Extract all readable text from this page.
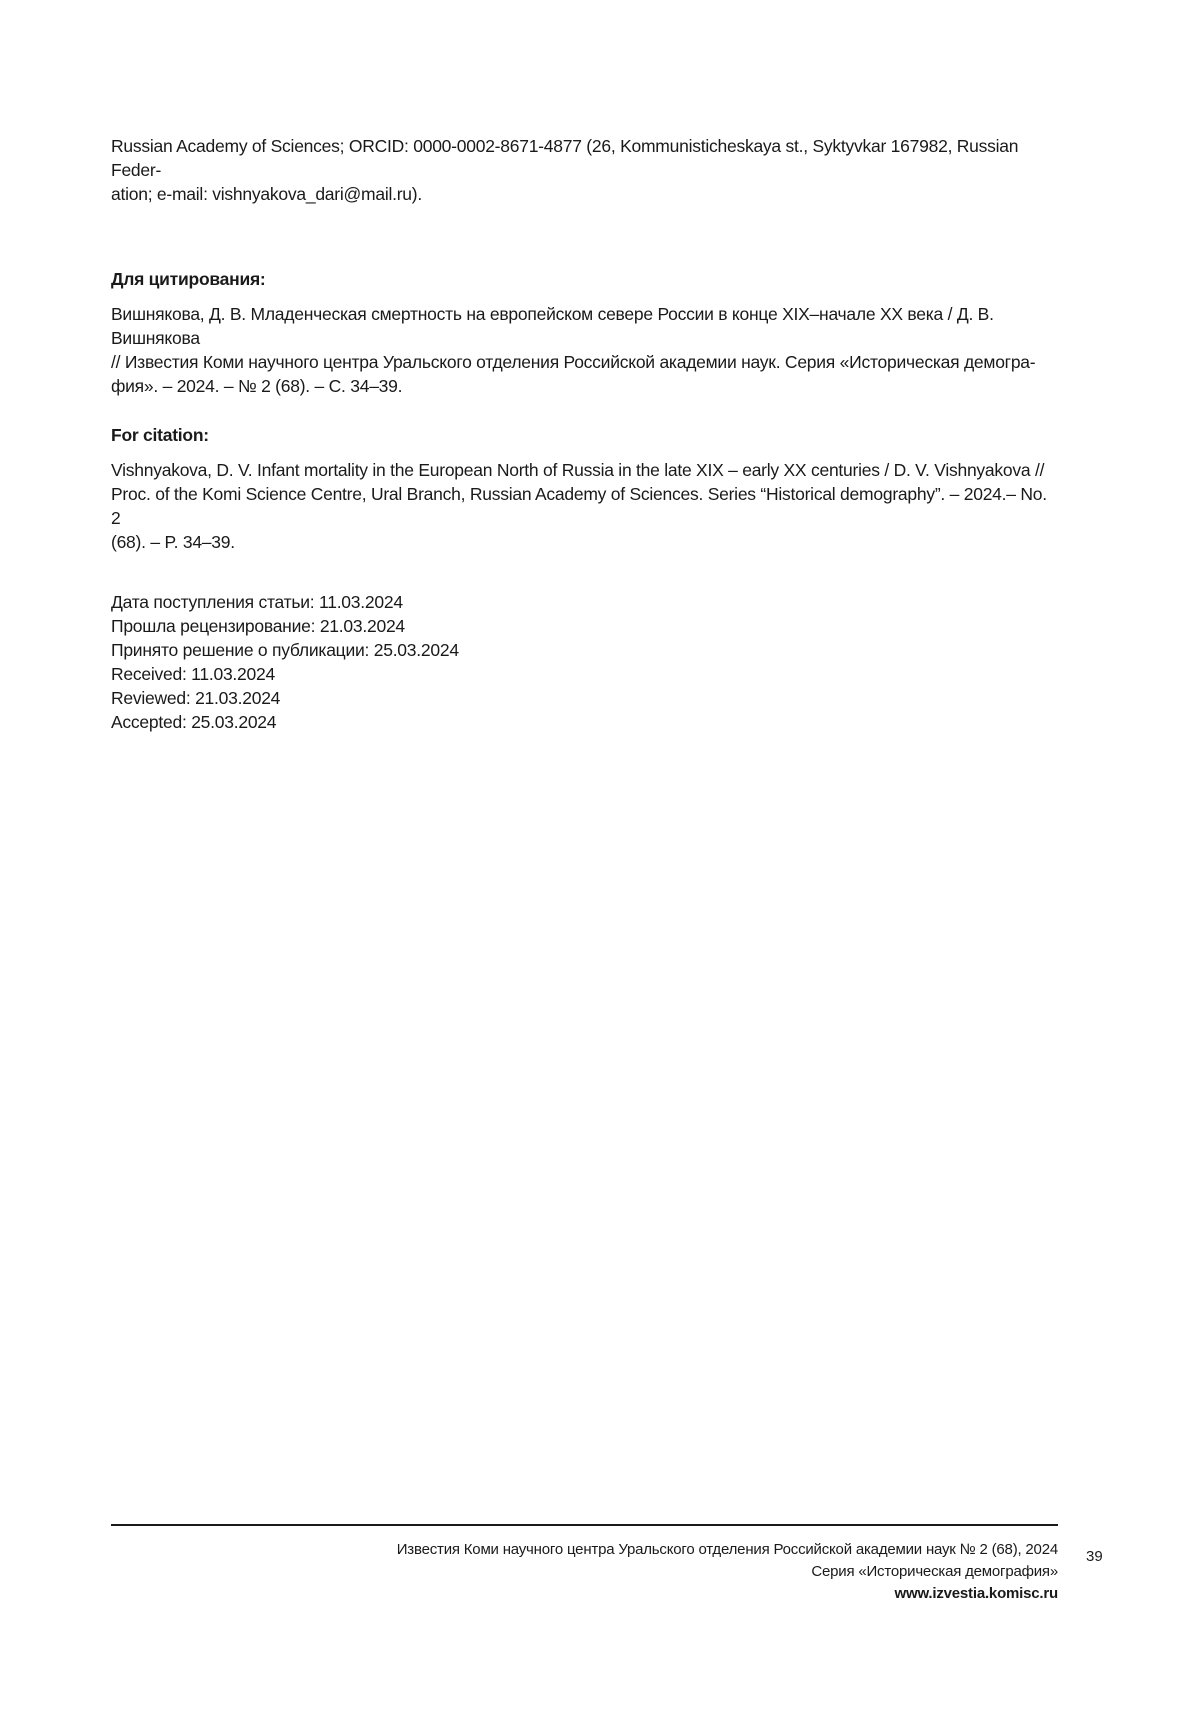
Russian Academy of Sciences; ORCID: 0000-0002-8671-4877 (26, Kommunisticheskaya st., Syktyvkar 167982, Russian Feder-
ation; e-mail: vishnyakova_dari@mail.ru).
Для цитирования:
Вишнякова, Д. В. Младенческая смертность на европейском севере России в конце XIX–начале XX века / Д. В. Вишнякова
// Известия Коми научного центра Уральского отделения Российской академии наук. Серия «Историческая демогра-
фия». – 2024. – № 2 (68). – С. 34–39.
For citation:
Vishnyakova, D. V. Infant mortality in the European North of Russia in the late XIX – early XX centuries / D. V. Vishnyakova //
Proc. of the Komi Science Centre, Ural Branch, Russian Academy of Sciences. Series “Historical demography”. – 2024.– No. 2
(68). – P. 34–39.
Дата поступления статьи: 11.03.2024
Прошла рецензирование: 21.03.2024
Принято решение о публикации: 25.03.2024
Received: 11.03.2024
Reviewed: 21.03.2024
Accepted: 25.03.2024
Известия Коми научного центра Уральского отделения Российской академии наук № 2 (68), 2024
Серия «Историческая демография»
www.izvestia.komisc.ru
39
